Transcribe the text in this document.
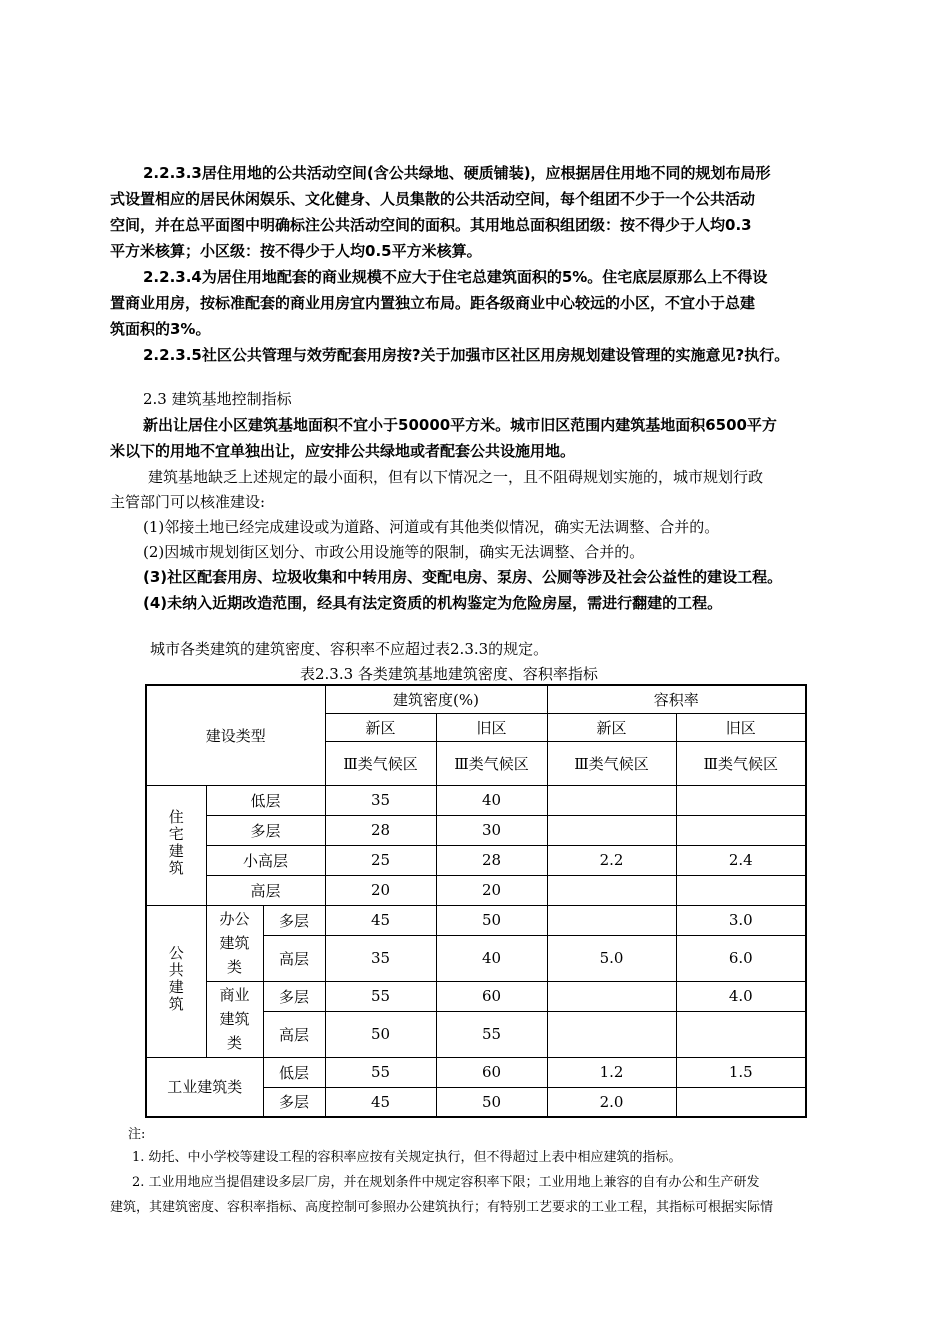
2.2.3.3居住用地的公共活动空间(含公共绿地、硬质铺装)，应根据居住用地不同的规划布局形
式设置相应的居民休闲娱乐、文化健身、人员集散的公共活动空间，每个组团不少于一个公共活动
空间，并在总平面图中明确标注公共活动空间的面积。其用地总面积组团级：按不得少于人均0.3
平方米核算；小区级：按不得少于人均0.5平方米核算。
2.2.3.4为居住用地配套的商业规模不应大于住宅总建筑面积的5%。住宅底层原那么上不得设
置商业用房，按标准配套的商业用房宜内置独立布局。距各级商业中心较远的小区，不宜小于总建
筑面积的3%。
2.2.3.5社区公共管理与效劳配套用房按?关于加强市区社区用房规划建设管理的实施意见?执行。
2.3 建筑基地控制指标
新出让居住小区建筑基地面积不宜小于50000平方米。城市旧区范围内建筑基地面积6500平方
米以下的用地不宜单独出让，应安排公共绿地或者配套公共设施用地。
建筑基地缺乏上述规定的最小面积，但有以下情况之一，且不阻碍规划实施的，城市规划行政
主管部门可以核准建设:
(1)邻接土地已经完成建设或为道路、河道或有其他类似情况，确实无法调整、合并的。
(2)因城市规划街区划分、市政公用设施等的限制，确实无法调整、合并的。
(3)社区配套用房、垃圾收集和中转用房、变配电房、泵房、公厕等涉及社会公益性的建设工程。
(4)未纳入近期改造范围，经具有法定资质的机构鉴定为危险房屋，需进行翻建的工程。
城市各类建筑的建筑密度、容积率不应超过表2.3.3的规定。
表2.3.3 各类建筑基地建筑密度、容积率指标
建设类型			建筑密度(%)		容积率	
			新区	旧区	新区	旧区
			Ⅲ类气候区	Ⅲ类气候区	Ⅲ类气候区	Ⅲ类气候区
住宅建筑	低层		35	40		
	多层		28	30		
	小高层		25	28	2.2	2.4
	高层		20	20		
公共建筑	办公建筑类	多层	45	50		3.0
		高层	35	40	5.0	6.0

	商业建筑类	多层	55	60		4.0
		高层	50	55		
工业建筑类		低层	55	60	1.2	1.5
		多层	45	50	2.0	
注:
1. 幼托、中小学校等建设工程的容积率应按有关规定执行，但不得超过上表中相应建筑的指标。
2. 工业用地应当提倡建设多层厂房，并在规划条件中规定容积率下限；工业用地上兼容的自有办公和生产研发
建筑，其建筑密度、容积率指标、高度控制可参照办公建筑执行；有特别工艺要求的工业工程，其指标可根据实际情
